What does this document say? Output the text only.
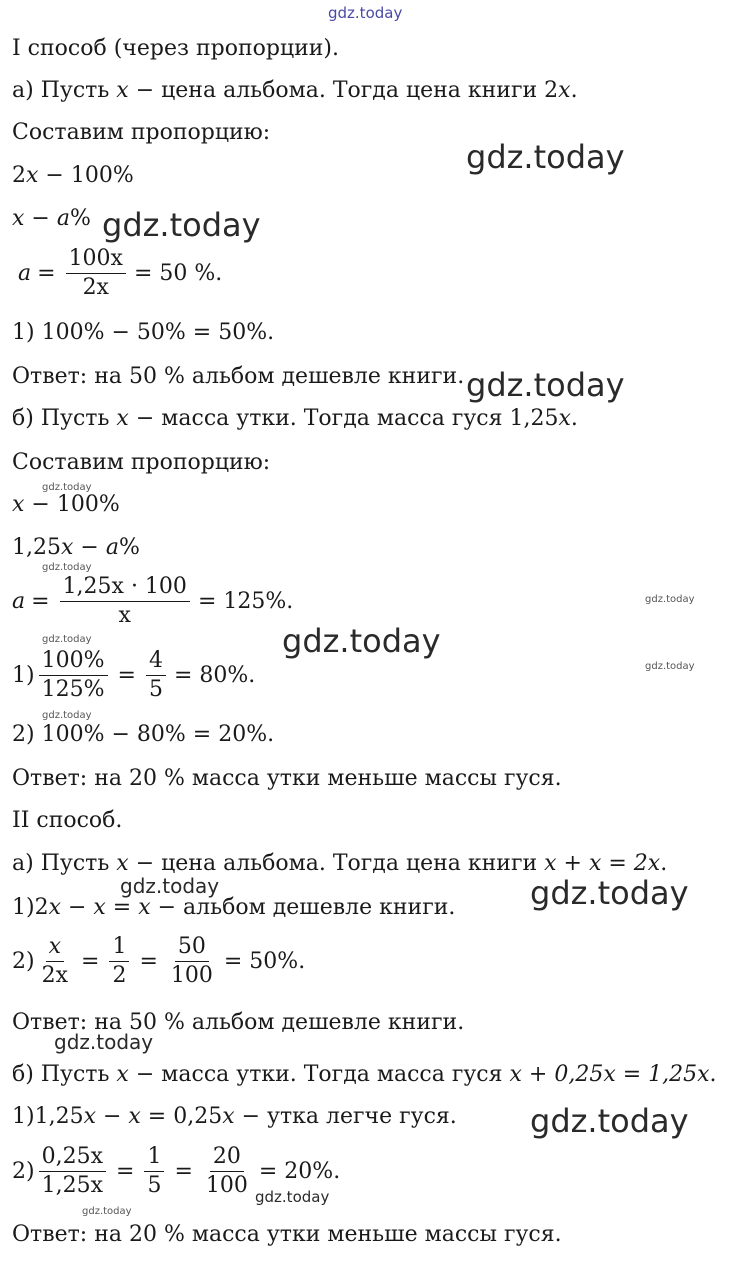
gdz.today
gdz.today
gdz.today
gdz.today
gdz.today
gdz.today
gdz.today
gdz.today
gdz.today
gdz.today
gdz.today
gdz.today	gdz.today
gdz.today
gdz.today
gdz.today
gdz.today
I способ (через пропорции).
а) Пусть x − цена альбома. Тогда цена книги 2x.
Составим пропорцию:
2x − 100%
x − a%
$a = \frac{100x}{2x} = 50$ %.
1) 100% − 50% = 50%.
Ответ: на 50 % альбом дешевле книги.
б) Пусть x − масса утки. Тогда масса гуся 1,25x.
Составим пропорцию:
x − 100%
1,25x − a%
$a = \frac{1,25x \cdot 100}{x} = 125\%$.
$1) \frac{100\%}{125\%} = \frac{4}{5} = 80\%$.
2) 100% − 80% = 20%.
Ответ: на 20 % масса утки меньше массы гуся.
II способ.
а) Пусть x − цена альбома. Тогда цена книги x + x = 2x.
1)2x − x = x − альбом дешевле книги.
$2) \frac{x}{2x} = \frac{1}{2} = \frac{50}{100} = 50\%$.
Ответ: на 50 % альбом дешевле книги.
б) Пусть x − масса утки. Тогда масса гуся x + 0,25x = 1,25x.
1)1,25x − x = 0,25x − утка легче гуся.
$2) \frac{0,25x}{1,25x} = \frac{1}{5} = \frac{20}{100} = 20\%$.
Ответ: на 20 % масса утки меньше массы гуся.
